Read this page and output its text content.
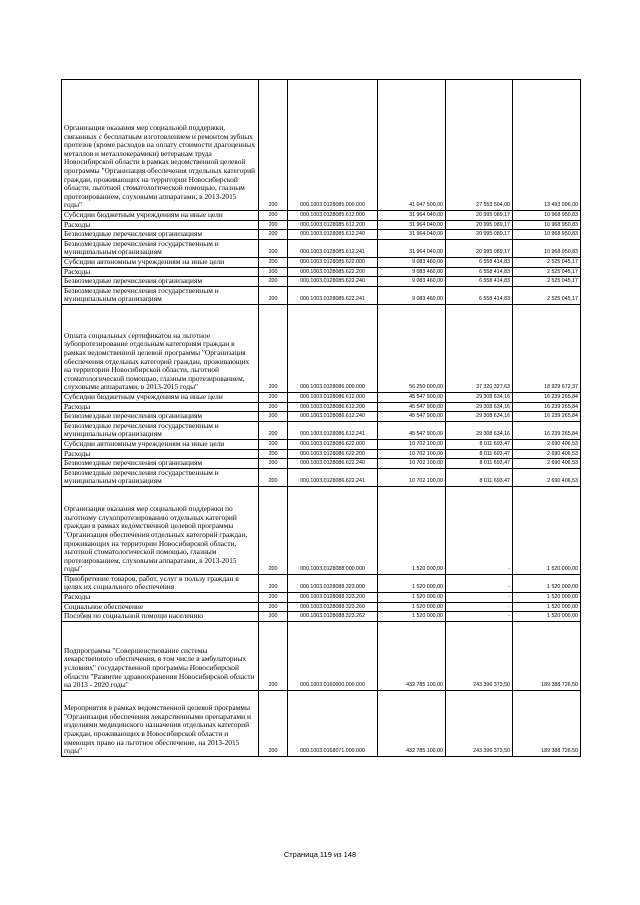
Организация оказания мер социальной поддержки, связанных с бесплатным изготовлением и ремонтом зубных протезов (кроме расходов на оплату стоимости драгоценных металлов и металлокерамики) ветеранам труда Новосибирской области в рамках ведомственной целевой программы "Организация обеспечения отдельных категорий граждан, проживающих на территории Новосибирской области, льготной стоматологической помощью, глазным протезированием, слуховыми аппаратами, в 2013-2015 годы"	200	000.1003.0128085.000.000	41 047 500,00	27 553 504,00	13 493 996,00
Субсидии бюджетным учреждениям на иные цели	200	000.1003.0128085.612.000	31 964 040,00	20 995 089,17	10 968 950,83
Расходы	200	000.1003.0128085.612.200	31 964 040,00	20 995 089,17	10 968 950,83
Безвозмездные перечисления организациям	200	000.1003.0128085.612.240	31 964 040,00	20 995 089,17	10 968 950,83
Безвозмездные перечисления государственным и муниципальным организациям	200	000.1003.0128085.612.241	31 964 040,00	20 995 089,17	10 968 950,83
Субсидии автономным учреждениям на иные цели	200	000.1003.0128085.622.000	9 083 460,00	6 558 414,83	2 525 045,17
Расходы	200	000.1003.0128085.622.200	9 083 460,00	6 558 414,83	2 525 045,17
Безвозмездные перечисления организациям	200	000.1003.0128085.622.240	9 083 460,00	6 558 414,83	2 525 045,17
Безвозмездные перечисления государственным и муниципальным организациям	200	000.1003.0128085.622.241	9 083 460,00	6 558 414,83	2 525 045,17
Оплата социальных сертификатов на льготное зубопротезирование отдельным категориям граждан в рамках ведомственной целевой программы "Организация обеспечения отдельных категорий граждан, проживающих на территории Новосибирской области, льготной стоматологической помощью, глазным протезированием, слуховыми аппаратами, в 2013-2015 годы"	200	000.1003.0128086.000.000	56 250 000,00	37 320 327,63	18 929 672,37
Субсидии бюджетным учреждениям на иные цели	200	000.1003.0128086.612.000	45 547 900,00	29 308 634,16	16 239 265,84
Расходы	200	000.1003.0128086.612.200	45 547 900,00	29 308 634,16	16 239 265,84
Безвозмездные перечисления организациям	200	000.1003.0128086.612.240	45 547 900,00	29 308 634,16	16 239 265,84
Безвозмездные перечисления государственным и муниципальным организациям	200	000.1003.0128086.612.241	45 547 900,00	29 308 634,16	16 239 265,84
Субсидии автономным учреждениям на иные цели	200	000.1003.0128086.622.000	10 702 100,00	8 011 693,47	2 690 406,53
Расходы	200	000.1003.0128086.622.200	10 702 100,00	8 011 693,47	2 690 406,53
Безвозмездные перечисления организациям	200	000.1003.0128086.622.240	10 702 100,00	8 011 693,47	2 690 406,53
Безвозмездные перечисления государственным и муниципальным организациям	200	000.1003.0128086.622.241	10 702 100,00	8 011 693,47	2 690 406,53
Организация оказания мер социальной поддержки по льготному слухопротезированию отдельных категорий граждан в рамках ведомственной целевой программы "Организация обеспечения отдельных категорий граждан, проживающих на территории Новосибирской области, льготной стоматологической помощью, глазным протезированием, слуховыми аппаратами, в 2013-2015 годы"	200	000.1003.0128088.000.000	1 520 000,00	-	1 520 000,00
Приобретение товаров, работ, услуг в пользу граждан в целях их социального обеспечения	200	000.1003.0128088.323.000	1 520 000,00	-	1 520 000,00
Расходы	200	000.1003.0128088.323.200	1 520 000,00	-	1 520 000,00
Социальное обеспечение	200	000.1003.0128088.323.260	1 520 000,00	-	1 520 000,00
Пособия по социальной помощи населению	200	000.1003.0128088.323.262	1 520 000,00	-	1 520 000,00
Подпрограмма "Совершенствование системы лекарственного обеспечения, в том числе в амбулаторных условиях" государственной программы Новосибирской области "Развитие здравоохранения Новосибирской области на 2013 - 2020 годы"	200	000.1003.0160000.000.000	432 785 100,00	243 396 373,50	189 388 726,50
Мероприятия в рамках ведомственной целевой программы "Организация обеспечения лекарственными препаратами и изделиями медицинского назначения отдельных категорий граждан, проживающих в Новосибирской области и имеющих право на льготное обеспечение, на 2013-2015 годы"	200	000.1003.0168071.000.000	432 785 100,00	243 396 373,50	189 388 726,50
Страница 119 из 148
